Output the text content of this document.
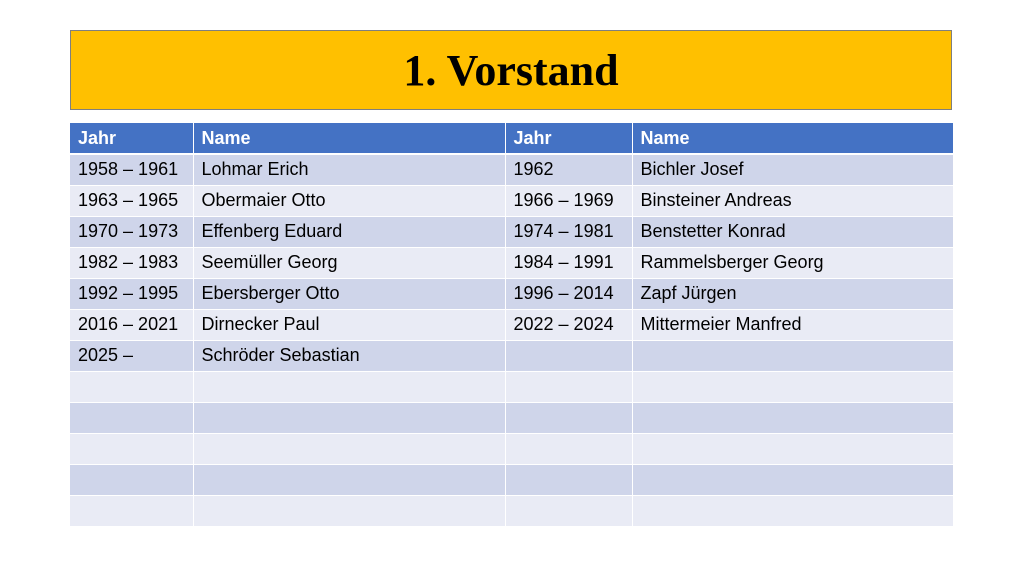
1. Vorstand
Jahr	Name	Jahr	Name
1958 – 1961	Lohmar Erich	1962	Bichler Josef
1963 – 1965	Obermaier Otto	1966 – 1969	Binsteiner Andreas
1970 – 1973	Effenberg Eduard	1974 – 1981	Benstetter Konrad
1982 – 1983	Seemüller Georg	1984 – 1991	Rammelsberger Georg
1992 – 1995	Ebersberger Otto	1996 – 2014	Zapf Jürgen
2016 – 2021	Dirnecker Paul	2022 – 2024	Mittermeier Manfred
2025 –	Schröder Sebastian		
